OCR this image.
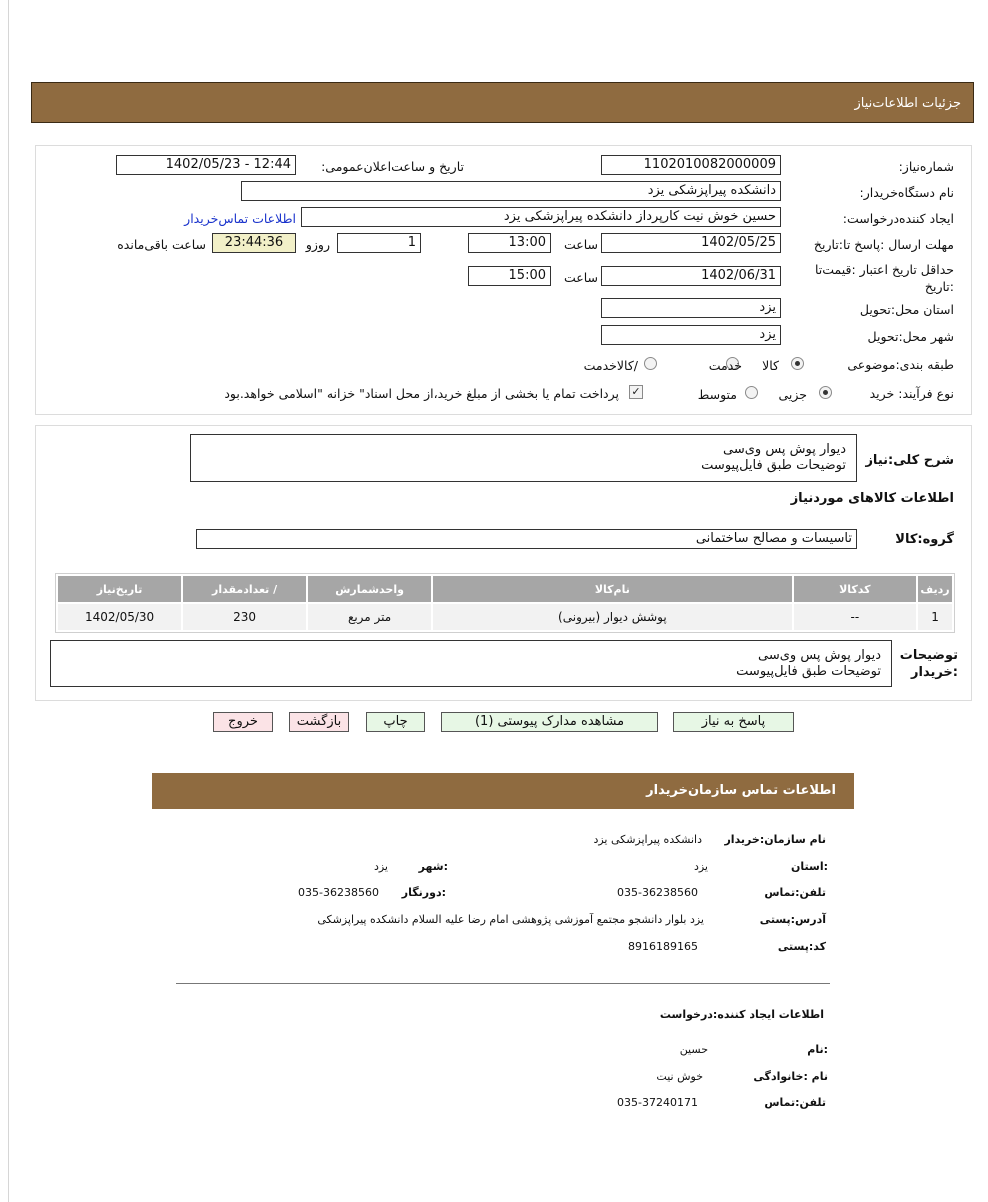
جزئیات اطلاعات‌نیاز
شماره‌نیاز:
1102010082000009
تاریخ و ساعت‌اعلان‌عمومی:
1402/05/23 - 12:44
نام دستگاه‌خریدار:
دانشکده پیراپزشکی یزد
ایجاد کننده‌درخواست:
حسین خوش نیت کارپرداز دانشکده پیراپزشکی یزد
اطلاعات تماس‌خریدار
مهلت ارسال :پاسخ تا:تاریخ
1402/05/25
ساعت
13:00
1
روزو
23:44:36
ساعت باقی‌مانده
حداقل تاریخ اعتبار :قیمت‌تا
:تاریخ
1402/06/31
ساعت
15:00
استان محل:تحویل
یزد
شهر محل:تحویل
یزد
طبقه بندی:موضوعی
کالا
خدمت
/کالاخدمت
نوع فرآیند: خرید
جزیی
متوسط
✓
پرداخت تمام یا بخشی از مبلغ خرید،از محل اسناد" خزانه "اسلامی خواهد.بود
شرح کلی:نیاز
دیوار پوش پس وی‌سی
توضیحات طبق فایل‌پیوست
اطلاعات کالاهای مورد‌نیاز
گروه:کالا
تاسیسات و مصالح ساختمانی
ردیف	کدکالا	نام‌کالا	واحدشمارش	/ تعدادمقدار	تاریخ‌نیاز
1	--	پوشش دیوار (بیرونی)	متر مربع	230	1402/05/30
توضیحات
:خریدار
دیوار پوش پس وی‌سی
توضیحات طبق فایل‌پیوست
پاسخ به نیاز
مشاهده مدارک پیوستی (1)
چاپ
بازگشت
خروج
اطلاعات تماس سازمان‌خریدار
نام سازمان:خریدار
دانشکده پیراپزشکی یزد
:استان
یزد
:شهر
یزد
تلفن:تماس
035-36238560
:دورنگار
035-36238560
آدرس:پستی
یزد بلوار دانشجو مجتمع آموزشی پژوهشی امام رضا علیه السلام دانشکده پیراپزشکی
کد:پستی
8916189165
اطلاعات ایجاد کننده:درخواست
:نام
حسین
نام :خانوادگی
خوش نیت
تلفن:تماس
035-37240171
